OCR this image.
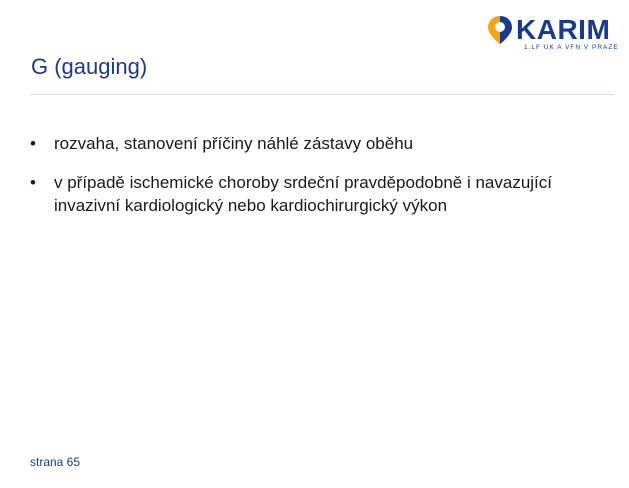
KARIM
1.LF UK A VFN V PRAZE
G (gauging)
• rozvaha, stanovení příčiny náhlé zástavy oběhu
• v případě ischemické choroby srdeční pravděpodobně i navazující invazivní kardiologický nebo kardiochirurgický výkon
strana 65
